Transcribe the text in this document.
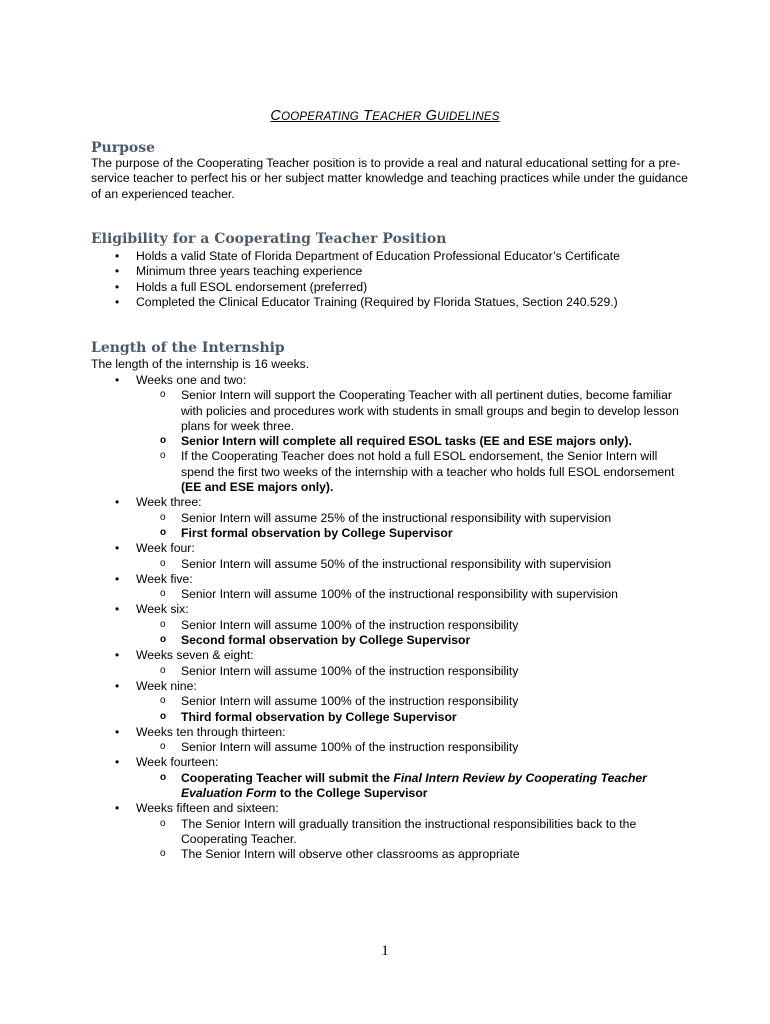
COOPERATING TEACHER GUIDELINES
Purpose
The purpose of the Cooperating Teacher position is to provide a real and natural educational setting for a pre-service teacher to perfect his or her subject matter knowledge and teaching practices while under the guidance of an experienced teacher.
Eligibility for a Cooperating Teacher Position
• Holds a valid State of Florida Department of Education Professional Educator’s Certificate
• Minimum three years teaching experience
• Holds a full ESOL endorsement (preferred)
• Completed the Clinical Educator Training (Required by Florida Statues, Section 240.529.)
Length of the Internship
The length of the internship is 16 weeks.
• Weeks one and two:
o Senior Intern will support the Cooperating Teacher with all pertinent duties, become familiar with policies and procedures work with students in small groups and begin to develop lesson plans for week three.
o Senior Intern will complete all required ESOL tasks (EE and ESE majors only).
o If the Cooperating Teacher does not hold a full ESOL endorsement, the Senior Intern will spend the first two weeks of the internship with a teacher who holds full ESOL endorsement (EE and ESE majors only).
• Week three:
o Senior Intern will assume 25% of the instructional responsibility with supervision
o First formal observation by College Supervisor
• Week four:
o Senior Intern will assume 50% of the instructional responsibility with supervision
• Week five:
o Senior Intern will assume 100% of the instructional responsibility with supervision
• Week six:
o Senior Intern will assume 100% of the instruction responsibility
o Second formal observation by College Supervisor
• Weeks seven & eight:
o Senior Intern will assume 100% of the instruction responsibility
• Week nine:
o Senior Intern will assume 100% of the instruction responsibility
o Third formal observation by College Supervisor
• Weeks ten through thirteen:
o Senior Intern will assume 100% of the instruction responsibility
• Week fourteen:
o Cooperating Teacher will submit the Final Intern Review by Cooperating Teacher Evaluation Form to the College Supervisor
• Weeks fifteen and sixteen:
o The Senior Intern will gradually transition the instructional responsibilities back to the Cooperating Teacher.
o The Senior Intern will observe other classrooms as appropriate
1
